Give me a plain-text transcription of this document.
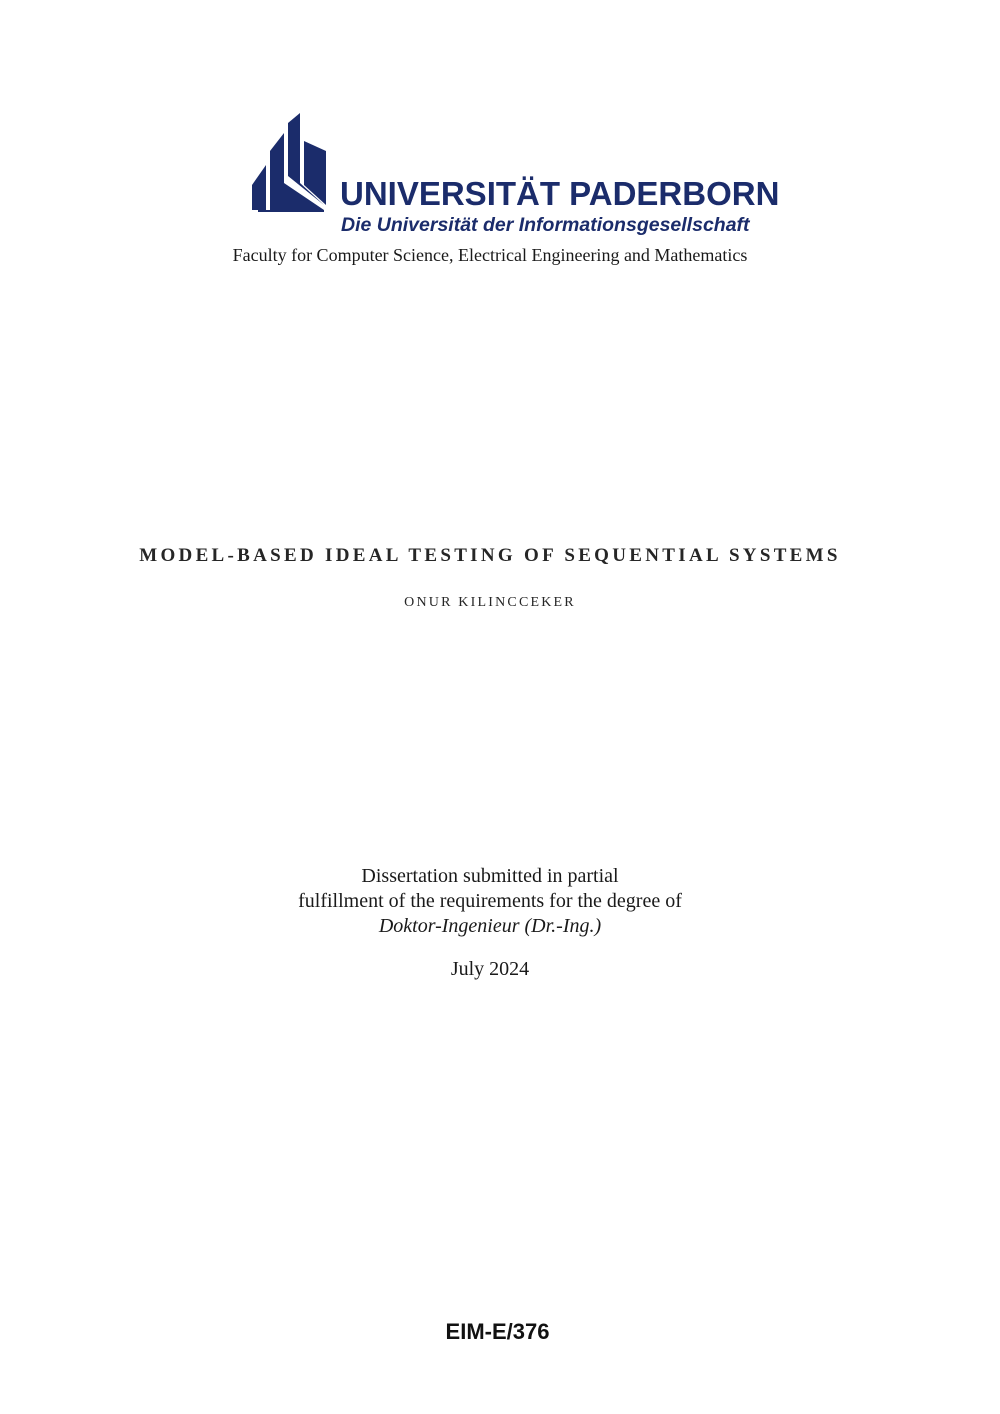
UNIVERSITÄT PADERBORN
Die Universität der Informationsgesellschaft
Faculty for Computer Science, Electrical Engineering and Mathematics
MODEL-BASED IDEAL TESTING OF SEQUENTIAL SYSTEMS
ONUR KILINCCEKER
Dissertation submitted in partial
fulfillment of the requirements for the degree of
Doktor-Ingenieur (Dr.-Ing.)
July 2024
EIM-E/376
